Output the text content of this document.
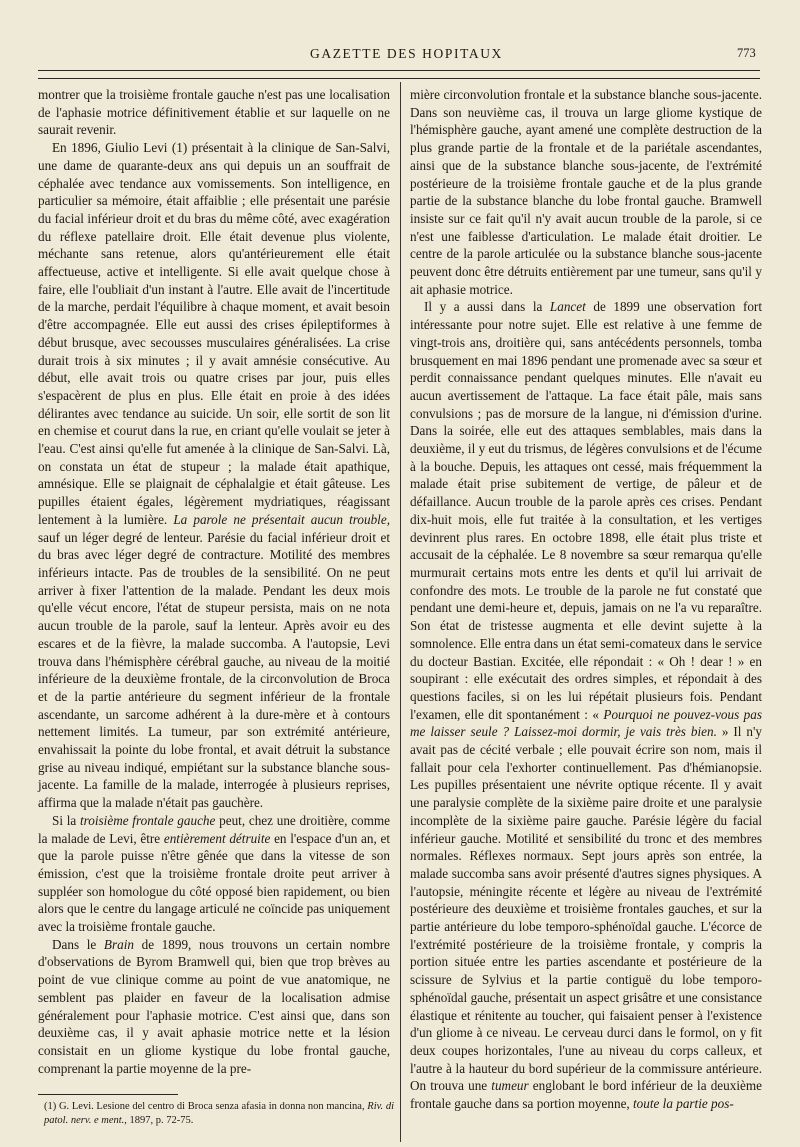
GAZETTE DES HOPITAUX	773

montrer que la troisième frontale gauche n'est pas une localisation de l'aphasie motrice définitivement établie et sur laquelle on ne saurait revenir.

En 1896, Giulio Levi (1) présentait à la clinique de San-Salvi, une dame de quarante-deux ans qui depuis un an souffrait de céphalée avec tendance aux vomissements. Son intelligence, en particulier sa mémoire, était affaiblie ; elle présentait une parésie du facial inférieur droit et du bras du même côté, avec exagération du réflexe patellaire droit. Elle était devenue plus violente, méchante sans retenue, alors qu'antérieurement elle était affectueuse, active et intelligente. Si elle avait quelque chose à faire, elle l'oubliait d'un instant à l'autre. Elle avait de l'incertitude de la marche, perdait l'équilibre à chaque moment, et avait besoin d'être accompagnée. Elle eut aussi des crises épileptiformes à début brusque, avec secousses musculaires généralisées. La crise durait trois à six minutes ; il y avait amnésie consécutive. Au début, elle avait trois ou quatre crises par jour, puis elles s'espacèrent de plus en plus. Elle était en proie à des idées délirantes avec tendance au suicide. Un soir, elle sortit de son lit en chemise et courut dans la rue, en criant qu'elle voulait se jeter à l'eau. C'est ainsi qu'elle fut amenée à la clinique de San-Salvi. Là, on constata un état de stupeur ; la malade était apathique, amnésique. Elle se plaignait de céphalalgie et était gâteuse. Les pupilles étaient égales, légèrement mydriatiques, réagissant lentement à la lumière. La parole ne présentait aucun trouble, sauf un léger degré de lenteur. Parésie du facial inférieur droit et du bras avec léger degré de contracture. Motilité des membres inférieurs intacte. Pas de troubles de la sensibilité. On ne peut arriver à fixer l'attention de la malade. Pendant les deux mois qu'elle vécut encore, l'état de stupeur persista, mais on ne nota aucun trouble de la parole, sauf la lenteur. Après avoir eu des escares et de la fièvre, la malade succomba. A l'autopsie, Levi trouva dans l'hémisphère cérébral gauche, au niveau de la moitié inférieure de la deuxième frontale, de la circonvolution de Broca et de la partie antérieure du segment inférieur de la frontale ascendante, un sarcome adhérent à la dure-mère et à contours nettement limités. La tumeur, par son extrémité antérieure, envahissait la pointe du lobe frontal, et avait détruit la substance grise au niveau indiqué, empiétant sur la substance blanche sous-jacente. La famille de la malade, interrogée à plusieurs reprises, affirma que la malade n'était pas gauchère.

Si la troisième frontale gauche peut, chez une droitière, comme la malade de Levi, être entièrement détruite en l'espace d'un an, et que la parole puisse n'être gênée que dans la vitesse de son émission, c'est que la troisième frontale droite peut arriver à suppléer son homologue du côté opposé bien rapidement, ou bien alors que le centre du langage articulé ne coïncide pas uniquement avec la troisième frontale gauche.

Dans le Brain de 1899, nous trouvons un certain nombre d'observations de Byrom Bramwell qui, bien que trop brèves au point de vue clinique comme au point de vue anatomique, ne semblent pas plaider en faveur de la localisation admise généralement pour l'aphasie motrice. C'est ainsi que, dans son deuxième cas, il y avait aphasie motrice nette et la lésion consistait en un gliome kystique du lobe frontal gauche, comprenant la partie moyenne de la pre-

mière circonvolution frontale et la substance blanche sous-jacente. Dans son neuvième cas, il trouva un large gliome kystique de l'hémisphère gauche, ayant amené une complète destruction de la plus grande partie de la frontale et de la pariétale ascendantes, ainsi que de la substance blanche sous-jacente, de l'extrémité postérieure de la troisième frontale gauche et de la plus grande partie de la substance blanche du lobe frontal gauche. Bramwell insiste sur ce fait qu'il n'y avait aucun trouble de la parole, si ce n'est une faiblesse d'articulation. Le malade était droitier. Le centre de la parole articulée ou la substance blanche sous-jacente peuvent donc être détruits entièrement par une tumeur, sans qu'il y ait aphasie motrice.

Il y a aussi dans la Lancet de 1899 une observation fort intéressante pour notre sujet. Elle est relative à une femme de vingt-trois ans, droitière qui, sans antécédents personnels, tomba brusquement en mai 1896 pendant une promenade avec sa sœur et perdit connaissance pendant quelques minutes. Elle n'avait eu aucun avertissement de l'attaque. La face était pâle, mais sans convulsions ; pas de morsure de la langue, ni d'émission d'urine. Dans la soirée, elle eut des attaques semblables, mais dans la deuxième, il y eut du trismus, de légères convulsions et de l'écume à la bouche. Depuis, les attaques ont cessé, mais fréquemment la malade était prise subitement de vertige, de pâleur et de défaillance. Aucun trouble de la parole après ces crises. Pendant dix-huit mois, elle fut traitée à la consultation, et les vertiges devinrent plus rares. En octobre 1898, elle était plus triste et accusait de la céphalée. Le 8 novembre sa sœur remarqua qu'elle murmurait certains mots entre les dents et qu'il lui arrivait de confondre des mots. Le trouble de la parole ne fut constaté que pendant une demi-heure et, depuis, jamais on ne l'a vu reparaître. Son état de tristesse augmenta et elle devint sujette à la somnolence. Elle entra dans un état semi-comateux dans le service du docteur Bastian. Excitée, elle répondait : « Oh ! dear ! » en soupirant : elle exécutait des ordres simples, et répondait à des questions faciles, si on les lui répétait plusieurs fois. Pendant l'examen, elle dit spontanément : « Pourquoi ne pouvez-vous pas me laisser seule ? Laissez-moi dormir, je vais très bien. » Il n'y avait pas de cécité verbale ; elle pouvait écrire son nom, mais il fallait pour cela l'exhorter continuellement. Pas d'hémianopsie. Les pupilles présentaient une névrite optique récente. Il y avait une paralysie complète de la sixième paire droite et une paralysie incomplète de la sixième paire gauche. Parésie légère du facial inférieur gauche. Motilité et sensibilité du tronc et des membres normales. Réflexes normaux. Sept jours après son entrée, la malade succomba sans avoir présenté d'autres signes physiques. A l'autopsie, méningite récente et légère au niveau de l'extrémité postérieure des deuxième et troisième frontales gauches, et sur la partie antérieure du lobe temporo-sphénoïdal gauche. L'écorce de l'extrémité postérieure de la troisième frontale, y compris la portion située entre les parties ascendante et postérieure de la scissure de Sylvius et la partie contiguë du lobe temporo-sphénoïdal gauche, présentait un aspect grisâtre et une consistance élastique et rénitente au toucher, qui faisaient penser à l'existence d'un gliome à ce niveau. Le cerveau durci dans le formol, on y fit deux coupes horizontales, l'une au niveau du corps calleux, et l'autre à la hauteur du bord supérieur de la commissure antérieure. On trouva une tumeur englobant le bord inférieur de la deuxième frontale gauche dans sa portion moyenne, toute la partie pos-

(1) G. Levi. Lesione del centro di Broca senza afasia in donna non mancina, Riv. di patol. nerv. e ment., 1897, p. 72-75.
